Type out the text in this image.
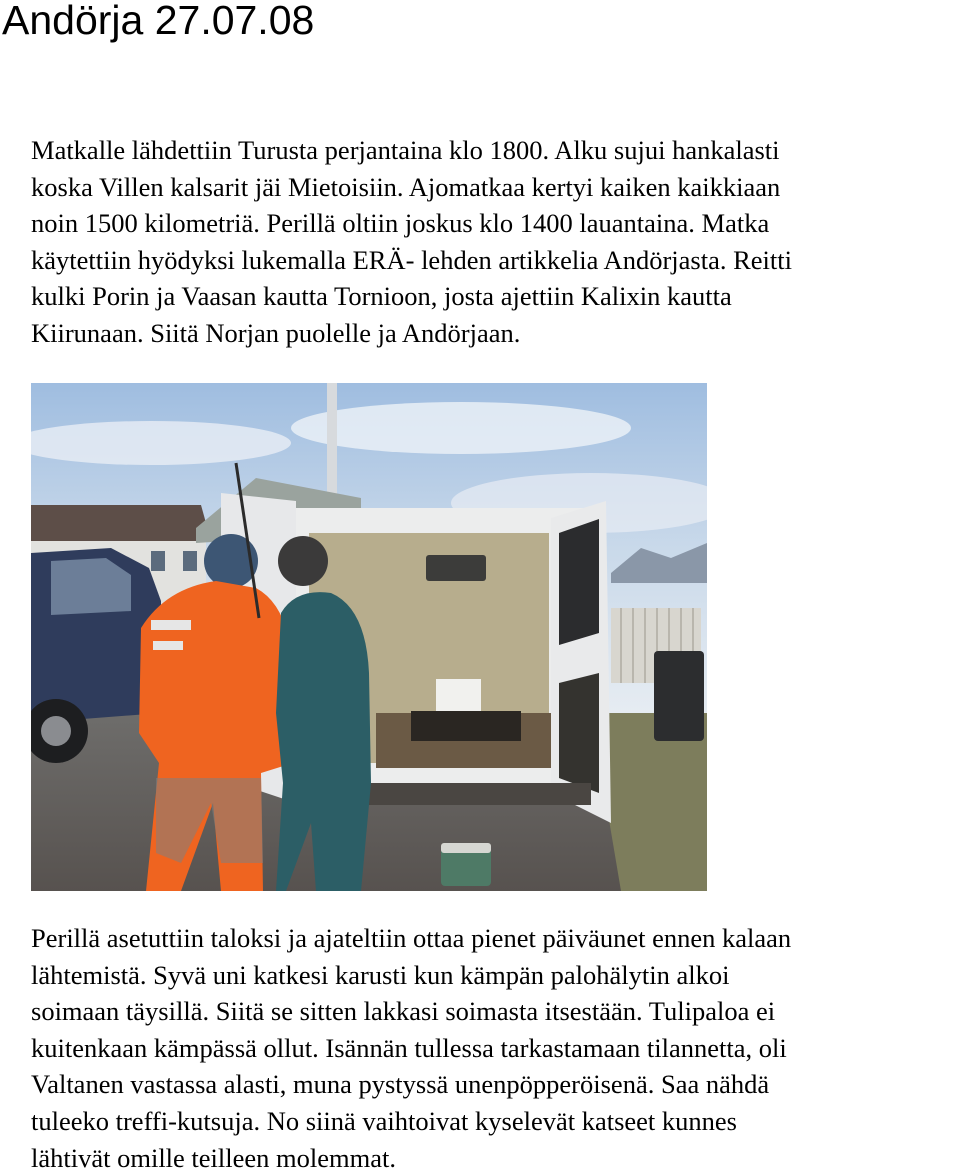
Andörja 27.07.08
Matkalle lähdettiin Turusta perjantaina klo 1800. Alku sujui hankalasti
koska Villen kalsarit jäi Mietoisiin. Ajomatkaa kertyi kaiken kaikkiaan
noin 1500 kilometriä. Perillä oltiin joskus klo 1400 lauantaina. Matka
käytettiin hyödyksi lukemalla ERÄ- lehden artikkelia Andörjasta. Reitti
kulki Porin ja Vaasan kautta Tornioon, josta ajettiin Kalixin kautta
Kiirunaan. Siitä Norjan puolelle ja Andörjaan.
Perillä asetuttiin taloksi ja ajateltiin ottaa pienet päiväunet ennen kalaan
lähtemistä. Syvä uni katkesi karusti kun kämpän palohälytin alkoi
soimaan täysillä. Siitä se sitten lakkasi soimasta itsestään. Tulipaloa ei
kuitenkaan kämpässä ollut. Isännän tullessa tarkastamaan tilannetta, oli
Valtanen vastassa alasti, muna pystyssä unenpöpperöisenä. Saa nähdä
tuleeko treffi-kutsuja. No siinä vaihtoivat kyselevät katseet kunnes
lähtivät omille teilleen molemmat.
